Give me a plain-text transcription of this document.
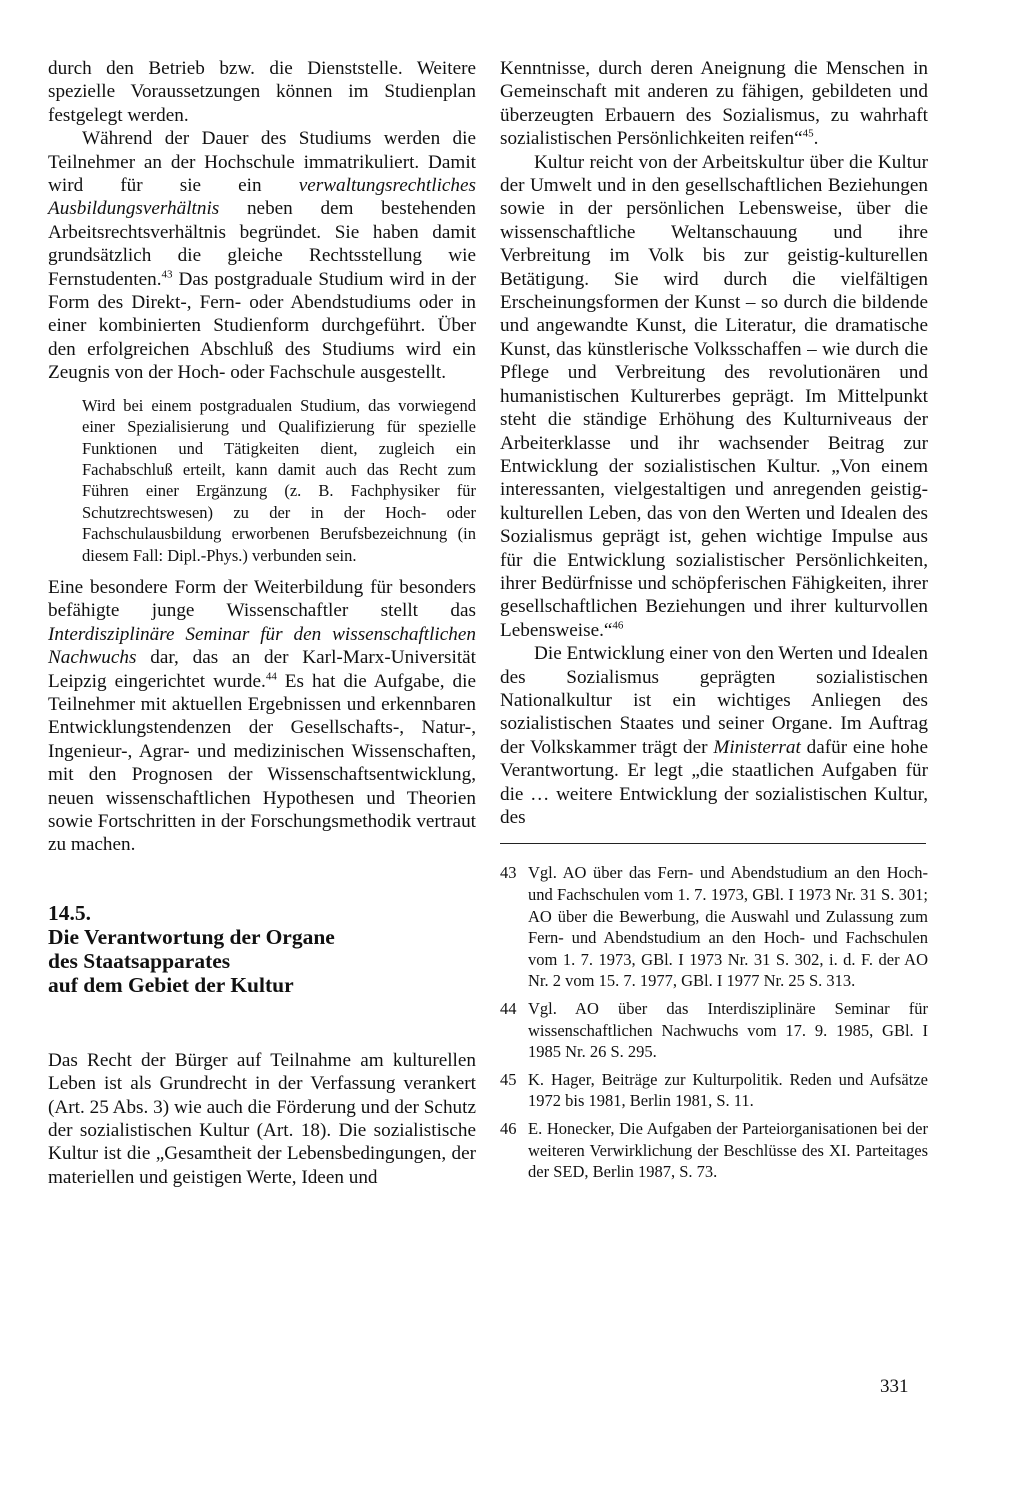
durch den Betrieb bzw. die Dienststelle. Weitere spezielle Voraussetzungen können im Studienplan festgelegt werden.

Während der Dauer des Studiums werden die Teilnehmer an der Hochschule immatrikuliert. Damit wird für sie ein verwaltungsrechtliches Ausbildungsverhältnis neben dem bestehenden Arbeitsrechtsverhältnis begründet. Sie haben damit grundsätzlich die gleiche Rechtsstellung wie Fernstudenten.$^{43}$ Das postgraduale Studium wird in der Form des Direkt-, Fern- oder Abendstudiums oder in einer kombinierten Studienform durchgeführt. Über den erfolgreichen Abschluß des Studiums wird ein Zeugnis von der Hoch- oder Fachschule ausgestellt.

Wird bei einem postgradualen Studium, das vorwiegend einer Spezialisierung und Qualifizierung für spezielle Funktionen und Tätigkeiten dient, zugleich ein Fachabschluß erteilt, kann damit auch das Recht zum Führen einer Ergänzung (z. B. Fachphysiker für Schutzrechtswesen) zu der in der Hoch- oder Fachschulausbildung erworbenen Berufsbezeichnung (in diesem Fall: Dipl.-Phys.) verbunden sein.

Eine besondere Form der Weiterbildung für besonders befähigte junge Wissenschaftler stellt das Interdisziplinäre Seminar für den wissenschaftlichen Nachwuchs dar, das an der Karl-Marx-Universität Leipzig eingerichtet wurde.$^{44}$ Es hat die Aufgabe, die Teilnehmer mit aktuellen Ergebnissen und erkennbaren Entwicklungstendenzen der Gesellschafts-, Natur-, Ingenieur-, Agrar- und medizinischen Wissenschaften, mit den Prognosen der Wissenschaftsentwicklung, neuen wissenschaftlichen Hypothesen und Theorien sowie Fortschritten in der Forschungsmethodik vertraut zu machen.

14.5.
Die Verantwortung der Organe
des Staatsapparates
auf dem Gebiet der Kultur

Das Recht der Bürger auf Teilnahme am kulturellen Leben ist als Grundrecht in der Verfassung verankert (Art. 25 Abs. 3) wie auch die Förderung und der Schutz der sozialistischen Kultur (Art. 18). Die sozialistische Kultur ist die „Gesamtheit der Lebensbedingungen, der materiellen und geistigen Werte, Ideen und

Kenntnisse, durch deren Aneignung die Menschen in Gemeinschaft mit anderen zu fähigen, gebildeten und überzeugten Erbauern des Sozialismus, zu wahrhaft sozialistischen Persönlichkeiten reifen“$^{45}$.

Kultur reicht von der Arbeitskultur über die Kultur der Umwelt und in den gesellschaftlichen Beziehungen sowie in der persönlichen Lebensweise, über die wissenschaftliche Weltanschauung und ihre Verbreitung im Volk bis zur geistig-kulturellen Betätigung. Sie wird durch die vielfältigen Erscheinungsformen der Kunst – so durch die bildende und angewandte Kunst, die Literatur, die dramatische Kunst, das künstlerische Volksschaffen – wie durch die Pflege und Verbreitung des revolutionären und humanistischen Kulturerbes geprägt. Im Mittelpunkt steht die ständige Erhöhung des Kulturniveaus der Arbeiterklasse und ihr wachsender Beitrag zur Entwicklung der sozialistischen Kultur. „Von einem interessanten, vielgestaltigen und anregenden geistig-kulturellen Leben, das von den Werten und Idealen des Sozialismus geprägt ist, gehen wichtige Impulse aus für die Entwicklung sozialistischer Persönlichkeiten, ihrer Bedürfnisse und schöpferischen Fähigkeiten, ihrer gesellschaftlichen Beziehungen und ihrer kulturvollen Lebensweise.“$^{46}$

Die Entwicklung einer von den Werten und Idealen des Sozialismus geprägten sozialistischen Nationalkultur ist ein wichtiges Anliegen des sozialistischen Staates und seiner Organe. Im Auftrag der Volkskammer trägt der Ministerrat dafür eine hohe Verantwortung. Er legt „die staatlichen Aufgaben für die … weitere Entwicklung der sozialistischen Kultur, des

43 Vgl. AO über das Fern- und Abendstudium an den Hoch- und Fachschulen vom 1. 7. 1973, GBl. I 1973 Nr. 31 S. 301; AO über die Bewerbung, die Auswahl und Zulassung zum Fern- und Abendstudium an den Hoch- und Fachschulen vom 1. 7. 1973, GBl. I 1973 Nr. 31 S. 302, i. d. F. der AO Nr. 2 vom 15. 7. 1977, GBl. I 1977 Nr. 25 S. 313.
44 Vgl. AO über das Interdisziplinäre Seminar für wissenschaftlichen Nachwuchs vom 17. 9. 1985, GBl. I 1985 Nr. 26 S. 295.
45 K. Hager, Beiträge zur Kulturpolitik. Reden und Aufsätze 1972 bis 1981, Berlin 1981, S. 11.
46 E. Honecker, Die Aufgaben der Parteiorganisationen bei der weiteren Verwirklichung der Beschlüsse des XI. Parteitages der SED, Berlin 1987, S. 73.
331
